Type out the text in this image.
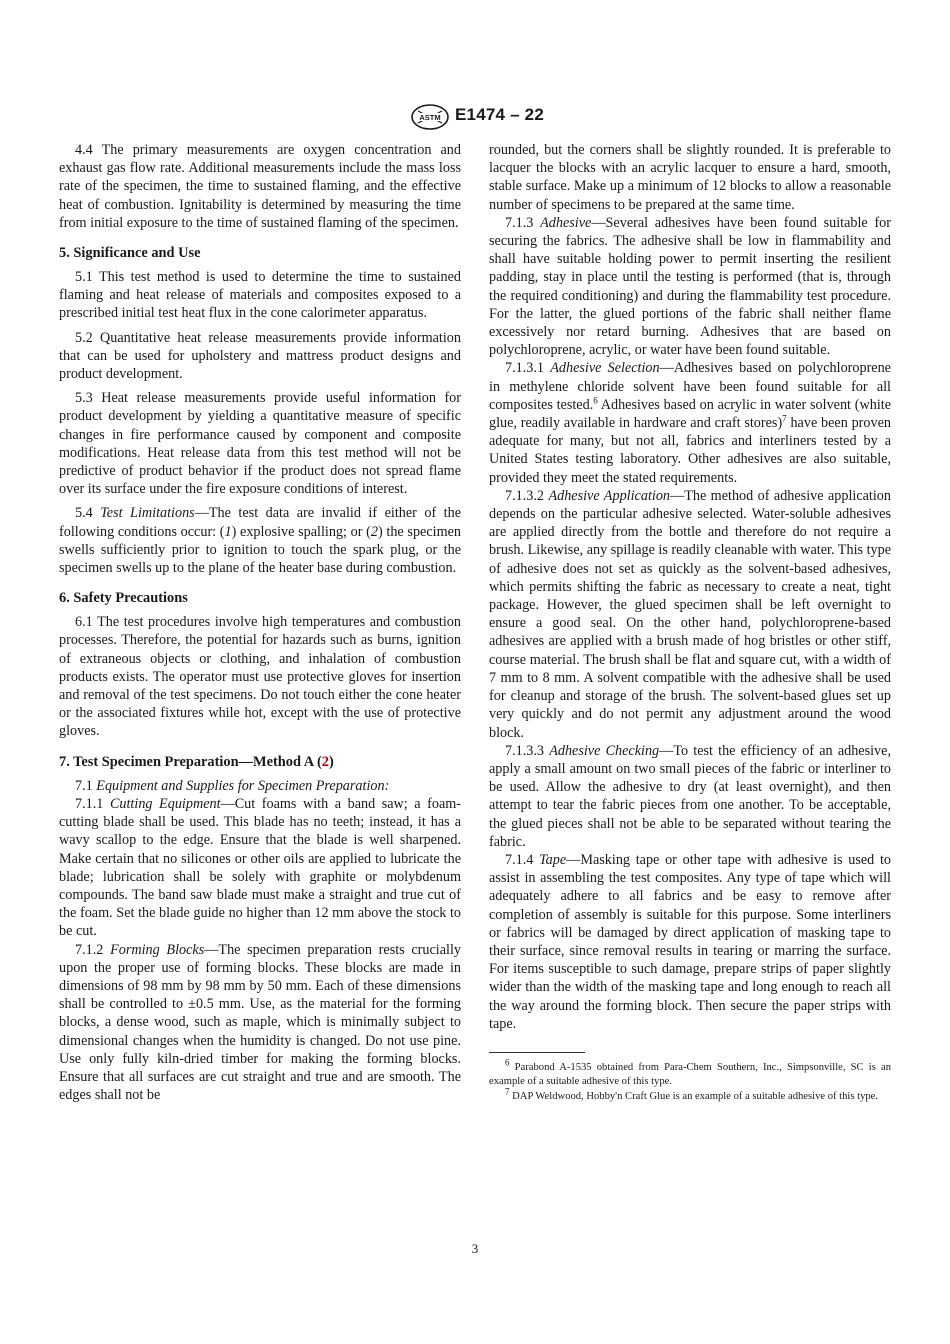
ASTM E1474 – 22

4.4 The primary measurements are oxygen concentration and exhaust gas flow rate. Additional measurements include the mass loss rate of the specimen, the time to sustained flaming, and the effective heat of combustion. Ignitability is determined by measuring the time from initial exposure to the time of sustained flaming of the specimen.

5. Significance and Use

5.1 This test method is used to determine the time to sustained flaming and heat release of materials and composites exposed to a prescribed initial test heat flux in the cone calorimeter apparatus.

5.2 Quantitative heat release measurements provide information that can be used for upholstery and mattress product designs and product development.

5.3 Heat release measurements provide useful information for product development by yielding a quantitative measure of specific changes in fire performance caused by component and composite modifications. Heat release data from this test method will not be predictive of product behavior if the product does not spread flame over its surface under the fire exposure conditions of interest.

5.4 Test Limitations—The test data are invalid if either of the following conditions occur: (1) explosive spalling; or (2) the specimen swells sufficiently prior to ignition to touch the spark plug, or the specimen swells up to the plane of the heater base during combustion.

6. Safety Precautions

6.1 The test procedures involve high temperatures and combustion processes. Therefore, the potential for hazards such as burns, ignition of extraneous objects or clothing, and inhalation of combustion products exists. The operator must use protective gloves for insertion and removal of the test specimens. Do not touch either the cone heater or the associated fixtures while hot, except with the use of protective gloves.

7. Test Specimen Preparation—Method A (2)

7.1 Equipment and Supplies for Specimen Preparation:

7.1.1 Cutting Equipment—Cut foams with a band saw; a foam-cutting blade shall be used. This blade has no teeth; instead, it has a wavy scallop to the edge. Ensure that the blade is well sharpened. Make certain that no silicones or other oils are applied to lubricate the blade; lubrication shall be solely with graphite or molybdenum compounds. The band saw blade must make a straight and true cut of the foam. Set the blade guide no higher than 12 mm above the stock to be cut.

7.1.2 Forming Blocks—The specimen preparation rests crucially upon the proper use of forming blocks. These blocks are made in dimensions of 98 mm by 98 mm by 50 mm. Each of these dimensions shall be controlled to ±0.5 mm. Use, as the material for the forming blocks, a dense wood, such as maple, which is minimally subject to dimensional changes when the humidity is changed. Do not use pine. Use only fully kiln-dried timber for making the forming blocks. Ensure that all surfaces are cut straight and true and are smooth. The edges shall not be

rounded, but the corners shall be slightly rounded. It is preferable to lacquer the blocks with an acrylic lacquer to ensure a hard, smooth, stable surface. Make up a minimum of 12 blocks to allow a reasonable number of specimens to be prepared at the same time.

7.1.3 Adhesive—Several adhesives have been found suitable for securing the fabrics. The adhesive shall be low in flammability and shall have suitable holding power to permit inserting the resilient padding, stay in place until the testing is performed (that is, through the required conditioning) and during the flammability test procedure. For the latter, the glued portions of the fabric shall neither flame excessively nor retard burning. Adhesives that are based on polychloroprene, acrylic, or water have been found suitable.

7.1.3.1 Adhesive Selection—Adhesives based on polychloroprene in methylene chloride solvent have been found suitable for all composites tested.$^6$ Adhesives based on acrylic in water solvent (white glue, readily available in hardware and craft stores)$^7$ have been proven adequate for many, but not all, fabrics and interliners tested by a United States testing laboratory. Other adhesives are also suitable, provided they meet the stated requirements.

7.1.3.2 Adhesive Application—The method of adhesive application depends on the particular adhesive selected. Water-soluble adhesives are applied directly from the bottle and therefore do not require a brush. Likewise, any spillage is readily cleanable with water. This type of adhesive does not set as quickly as the solvent-based adhesives, which permits shifting the fabric as necessary to create a neat, tight package. However, the glued specimen shall be left overnight to ensure a good seal. On the other hand, polychloroprene-based adhesives are applied with a brush made of hog bristles or other stiff, course material. The brush shall be flat and square cut, with a width of 7 mm to 8 mm. A solvent compatible with the adhesive shall be used for cleanup and storage of the brush. The solvent-based glues set up very quickly and do not permit any adjustment around the wood block.

7.1.3.3 Adhesive Checking—To test the efficiency of an adhesive, apply a small amount on two small pieces of the fabric or interliner to be used. Allow the adhesive to dry (at least overnight), and then attempt to tear the fabric pieces from one another. To be acceptable, the glued pieces shall not be able to be separated without tearing the fabric.

7.1.4 Tape—Masking tape or other tape with adhesive is used to assist in assembling the test composites. Any type of tape which will adequately adhere to all fabrics and be easy to remove after completion of assembly is suitable for this purpose. Some interliners or fabrics will be damaged by direct application of masking tape to their surface, since removal results in tearing or marring the surface. For items susceptible to such damage, prepare strips of paper slightly wider than the width of the masking tape and long enough to reach all the way around the forming block. Then secure the paper strips with tape.

$^6$ Parabond A-1535 obtained from Para-Chem Southern, Inc., Simpsonville, SC is an example of a suitable adhesive of this type.

$^7$ DAP Weldwood, Hobby'n Craft Glue is an example of a suitable adhesive of this type.

3
